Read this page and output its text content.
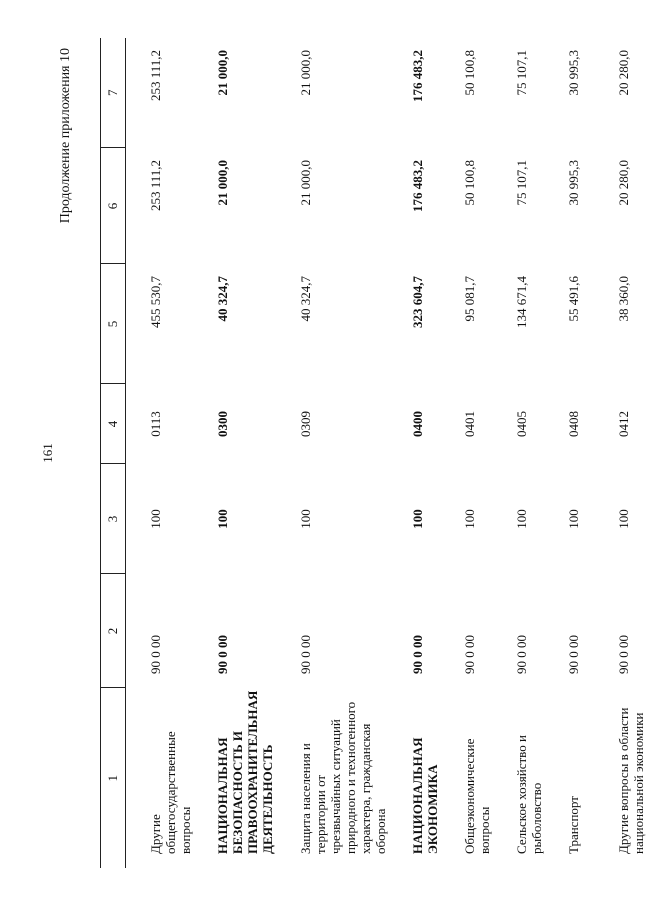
161
Продолжение приложения 10
1	2	3	4	5	6	7
Другие общегосударственные вопросы	90 0 00	100	0113	455 530,7	253 111,2	253 111,2
НАЦИОНАЛЬНАЯ БЕЗОПАСНОСТЬ И ПРАВООХРАНИТЕЛЬНАЯ ДЕЯТЕЛЬНОСТЬ	90 0 00	100	0300	40 324,7	21 000,0	21 000,0
Защита населения и территории от чрезвычайных ситуаций природного и техногенного характера, гражданская оборона	90 0 00	100	0309	40 324,7	21 000,0	21 000,0
НАЦИОНАЛЬНАЯ ЭКОНОМИКА	90 0 00	100	0400	323 604,7	176 483,2	176 483,2
Общеэкономические вопросы	90 0 00	100	0401	95 081,7	50 100,8	50 100,8
Сельское хозяйство и рыболовство	90 0 00	100	0405	134 671,4	75 107,1	75 107,1
Транспорт	90 0 00	100	0408	55 491,6	30 995,3	30 995,3
Другие вопросы в области национальной экономики	90 0 00	100	0412	38 360,0	20 280,0	20 280,0
